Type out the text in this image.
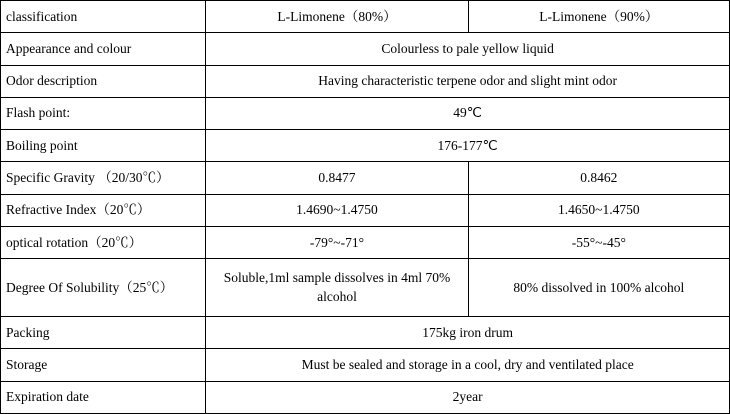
classification	L-Limonene（80%）	L-Limonene（90%）
Appearance and colour	Colourless to pale yellow liquid	
Odor description	Having characteristic terpene odor and slight mint odor	
Flash point:	49℃	
Boiling point	176-177℃	
Specific Gravity （20/30℃）	0.8477	0.8462
Refractive Index（20℃）	1.4690~1.4750	1.4650~1.4750
optical rotation（20℃）	-79°~-71°	-55°~-45°
Degree Of Solubility（25℃）	Soluble,1ml sample dissolves in 4ml 70% alcohol	80% dissolved in 100% alcohol
Packing	175kg iron drum	
Storage	Must be sealed and storage in a cool, dry and ventilated place	
Expiration date	2year	
